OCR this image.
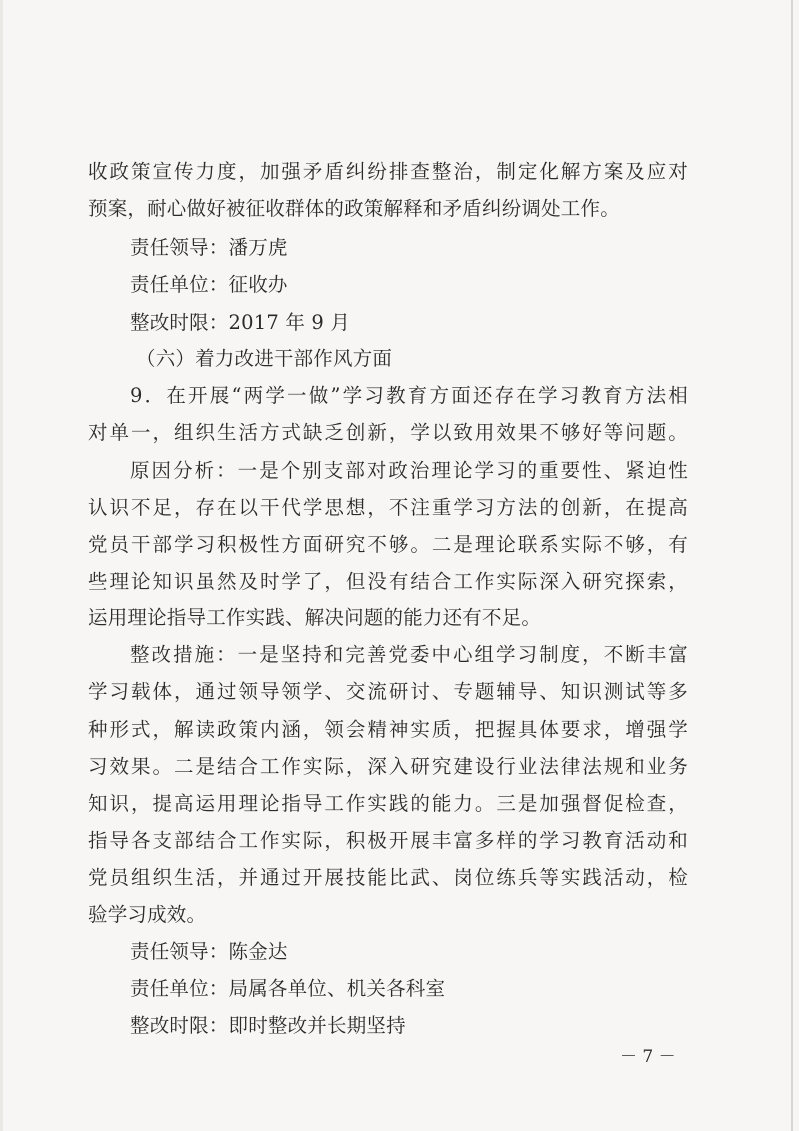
收政策宣传力度，加强矛盾纠纷排查整治，制定化解方案及应对
预案，耐心做好被征收群体的政策解释和矛盾纠纷调处工作。
责任领导：潘万虎
责任单位：征收办
整改时限：2017 年 9 月
（六）着力改进干部作风方面
9．在开展“两学一做”学习教育方面还存在学习教育方法相
对单一，组织生活方式缺乏创新，学以致用效果不够好等问题。
原因分析：一是个别支部对政治理论学习的重要性、紧迫性
认识不足，存在以干代学思想，不注重学习方法的创新，在提高
党员干部学习积极性方面研究不够。二是理论联系实际不够，有
些理论知识虽然及时学了，但没有结合工作实际深入研究探索，
运用理论指导工作实践、解决问题的能力还有不足。
整改措施：一是坚持和完善党委中心组学习制度，不断丰富
学习载体，通过领导领学、交流研讨、专题辅导、知识测试等多
种形式，解读政策内涵，领会精神实质，把握具体要求，增强学
习效果。二是结合工作实际，深入研究建设行业法律法规和业务
知识，提高运用理论指导工作实践的能力。三是加强督促检查，
指导各支部结合工作实际，积极开展丰富多样的学习教育活动和
党员组织生活，并通过开展技能比武、岗位练兵等实践活动，检
验学习成效。
责任领导：陈金达
责任单位：局属各单位、机关各科室
整改时限：即时整改并长期坚持
－ 7 －
